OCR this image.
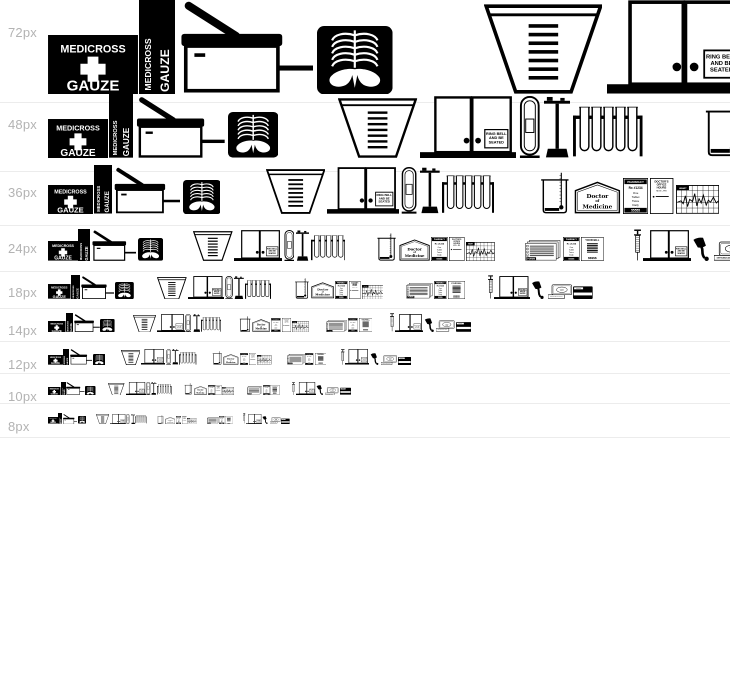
72px
48px
36px
24px
18px
14px
12px
10px
8px
